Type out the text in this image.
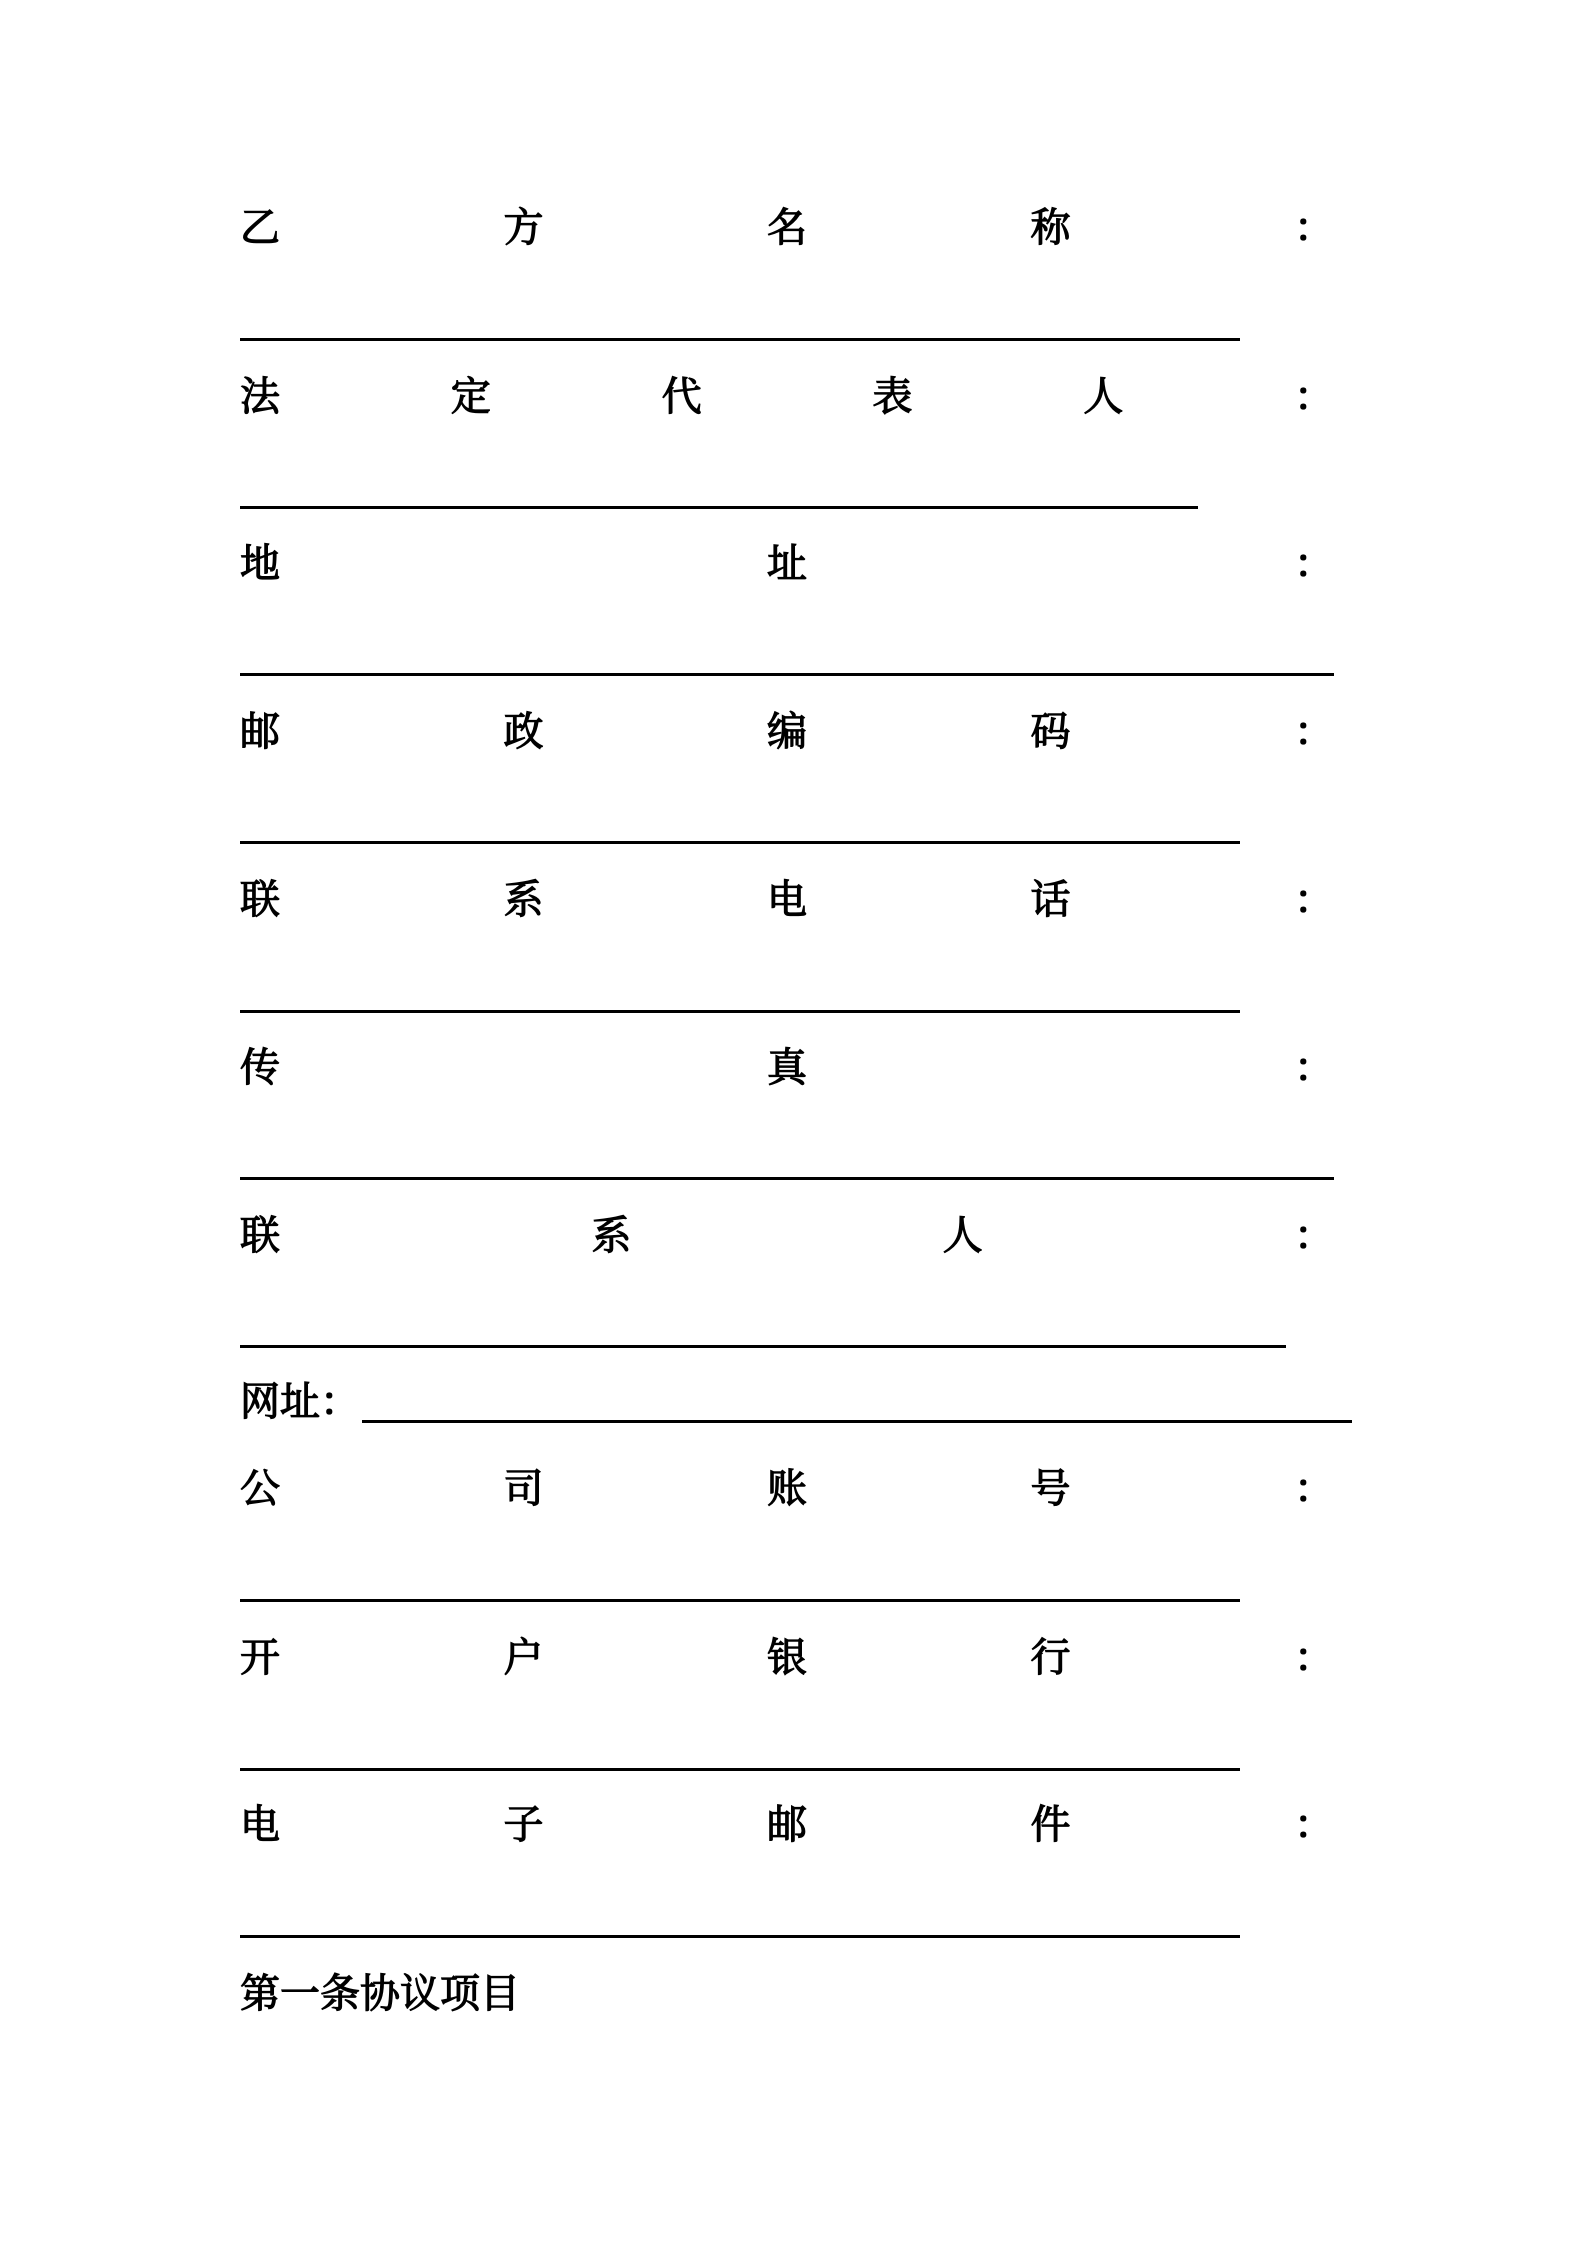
乙	方	名	称	：
法	定	代	表	人	：
地	址	：
邮	政	编	码	：
联	系	电	话	：
传	真	：
联	系	人	：
网址：
公	司	账	号	：
开	户	银	行	：
电	子	邮	件	：
第一条协议项目
